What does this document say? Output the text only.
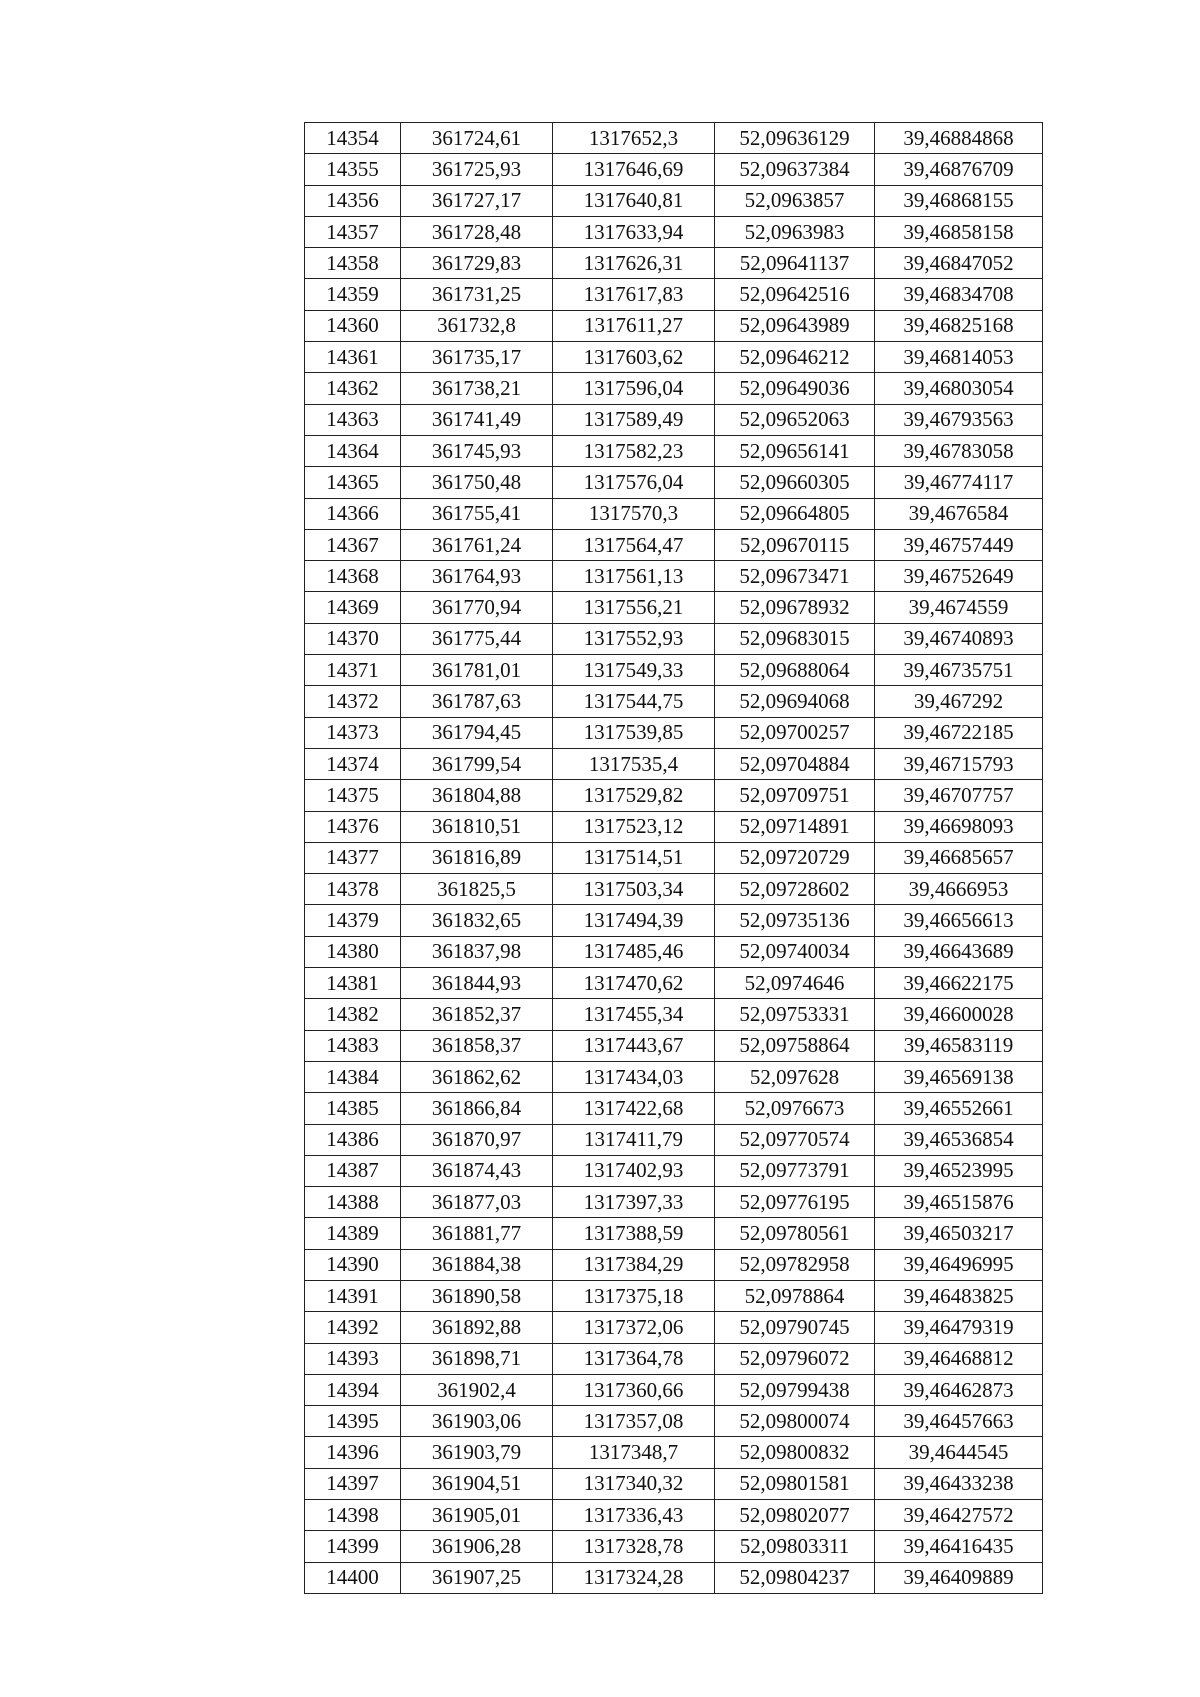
14354	361724,61	1317652,3	52,09636129	39,46884868
14355	361725,93	1317646,69	52,09637384	39,46876709
14356	361727,17	1317640,81	52,0963857	39,46868155
14357	361728,48	1317633,94	52,0963983	39,46858158
14358	361729,83	1317626,31	52,09641137	39,46847052
14359	361731,25	1317617,83	52,09642516	39,46834708
14360	361732,8	1317611,27	52,09643989	39,46825168
14361	361735,17	1317603,62	52,09646212	39,46814053
14362	361738,21	1317596,04	52,09649036	39,46803054
14363	361741,49	1317589,49	52,09652063	39,46793563
14364	361745,93	1317582,23	52,09656141	39,46783058
14365	361750,48	1317576,04	52,09660305	39,46774117
14366	361755,41	1317570,3	52,09664805	39,4676584
14367	361761,24	1317564,47	52,09670115	39,46757449
14368	361764,93	1317561,13	52,09673471	39,46752649
14369	361770,94	1317556,21	52,09678932	39,4674559
14370	361775,44	1317552,93	52,09683015	39,46740893
14371	361781,01	1317549,33	52,09688064	39,46735751
14372	361787,63	1317544,75	52,09694068	39,467292
14373	361794,45	1317539,85	52,09700257	39,46722185
14374	361799,54	1317535,4	52,09704884	39,46715793
14375	361804,88	1317529,82	52,09709751	39,46707757
14376	361810,51	1317523,12	52,09714891	39,46698093
14377	361816,89	1317514,51	52,09720729	39,46685657
14378	361825,5	1317503,34	52,09728602	39,4666953
14379	361832,65	1317494,39	52,09735136	39,46656613
14380	361837,98	1317485,46	52,09740034	39,46643689
14381	361844,93	1317470,62	52,0974646	39,46622175
14382	361852,37	1317455,34	52,09753331	39,46600028
14383	361858,37	1317443,67	52,09758864	39,46583119
14384	361862,62	1317434,03	52,097628	39,46569138
14385	361866,84	1317422,68	52,0976673	39,46552661
14386	361870,97	1317411,79	52,09770574	39,46536854
14387	361874,43	1317402,93	52,09773791	39,46523995
14388	361877,03	1317397,33	52,09776195	39,46515876
14389	361881,77	1317388,59	52,09780561	39,46503217
14390	361884,38	1317384,29	52,09782958	39,46496995
14391	361890,58	1317375,18	52,0978864	39,46483825
14392	361892,88	1317372,06	52,09790745	39,46479319
14393	361898,71	1317364,78	52,09796072	39,46468812
14394	361902,4	1317360,66	52,09799438	39,46462873
14395	361903,06	1317357,08	52,09800074	39,46457663
14396	361903,79	1317348,7	52,09800832	39,4644545
14397	361904,51	1317340,32	52,09801581	39,46433238
14398	361905,01	1317336,43	52,09802077	39,46427572
14399	361906,28	1317328,78	52,09803311	39,46416435
14400	361907,25	1317324,28	52,09804237	39,46409889
